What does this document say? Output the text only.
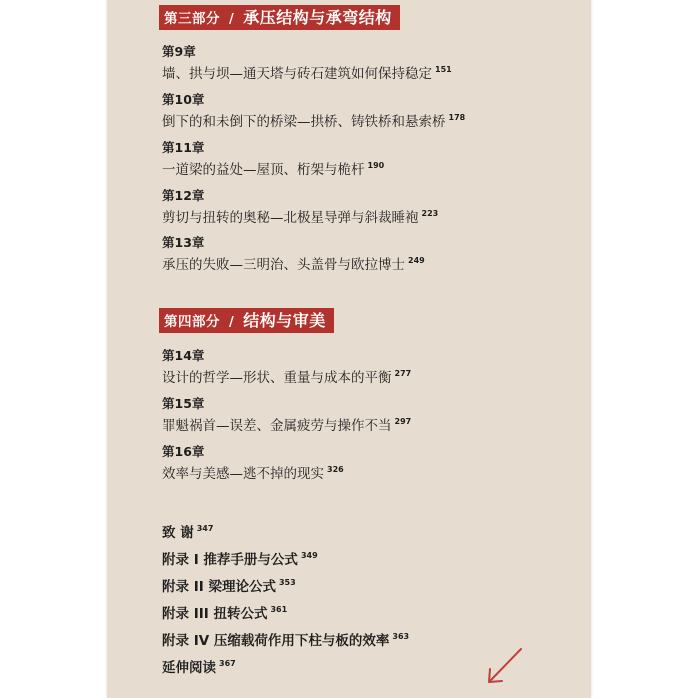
第三部分 / 承压结构与承弯结构
第9章
墙、拱与坝—通天塔与砖石建筑如何保持稳定 $^{151}$
第10章
倒下的和未倒下的桥梁—拱桥、铸铁桥和悬索桥 $^{178}$
第11章
一道梁的益处—屋顶、桁架与桅杆 $^{190}$
第12章
剪切与扭转的奥秘—北极星导弹与斜裁睡袍 $^{223}$
第13章
承压的失败—三明治、头盖骨与欧拉博士 $^{249}$
第四部分 / 结构与审美
第14章
设计的哲学—形状、重量与成本的平衡 $^{277}$
第15章
罪魁祸首—误差、金属疲劳与操作不当 $^{297}$
第16章
效率与美感—逃不掉的现实 $^{326}$
致 谢 $^{347}$
附录 I 推荐手册与公式 $^{349}$
附录 II 梁理论公式 $^{353}$
附录 III 扭转公式 $^{361}$
附录 IV 压缩载荷作用下柱与板的效率 $^{363}$
延伸阅读 $^{367}$
